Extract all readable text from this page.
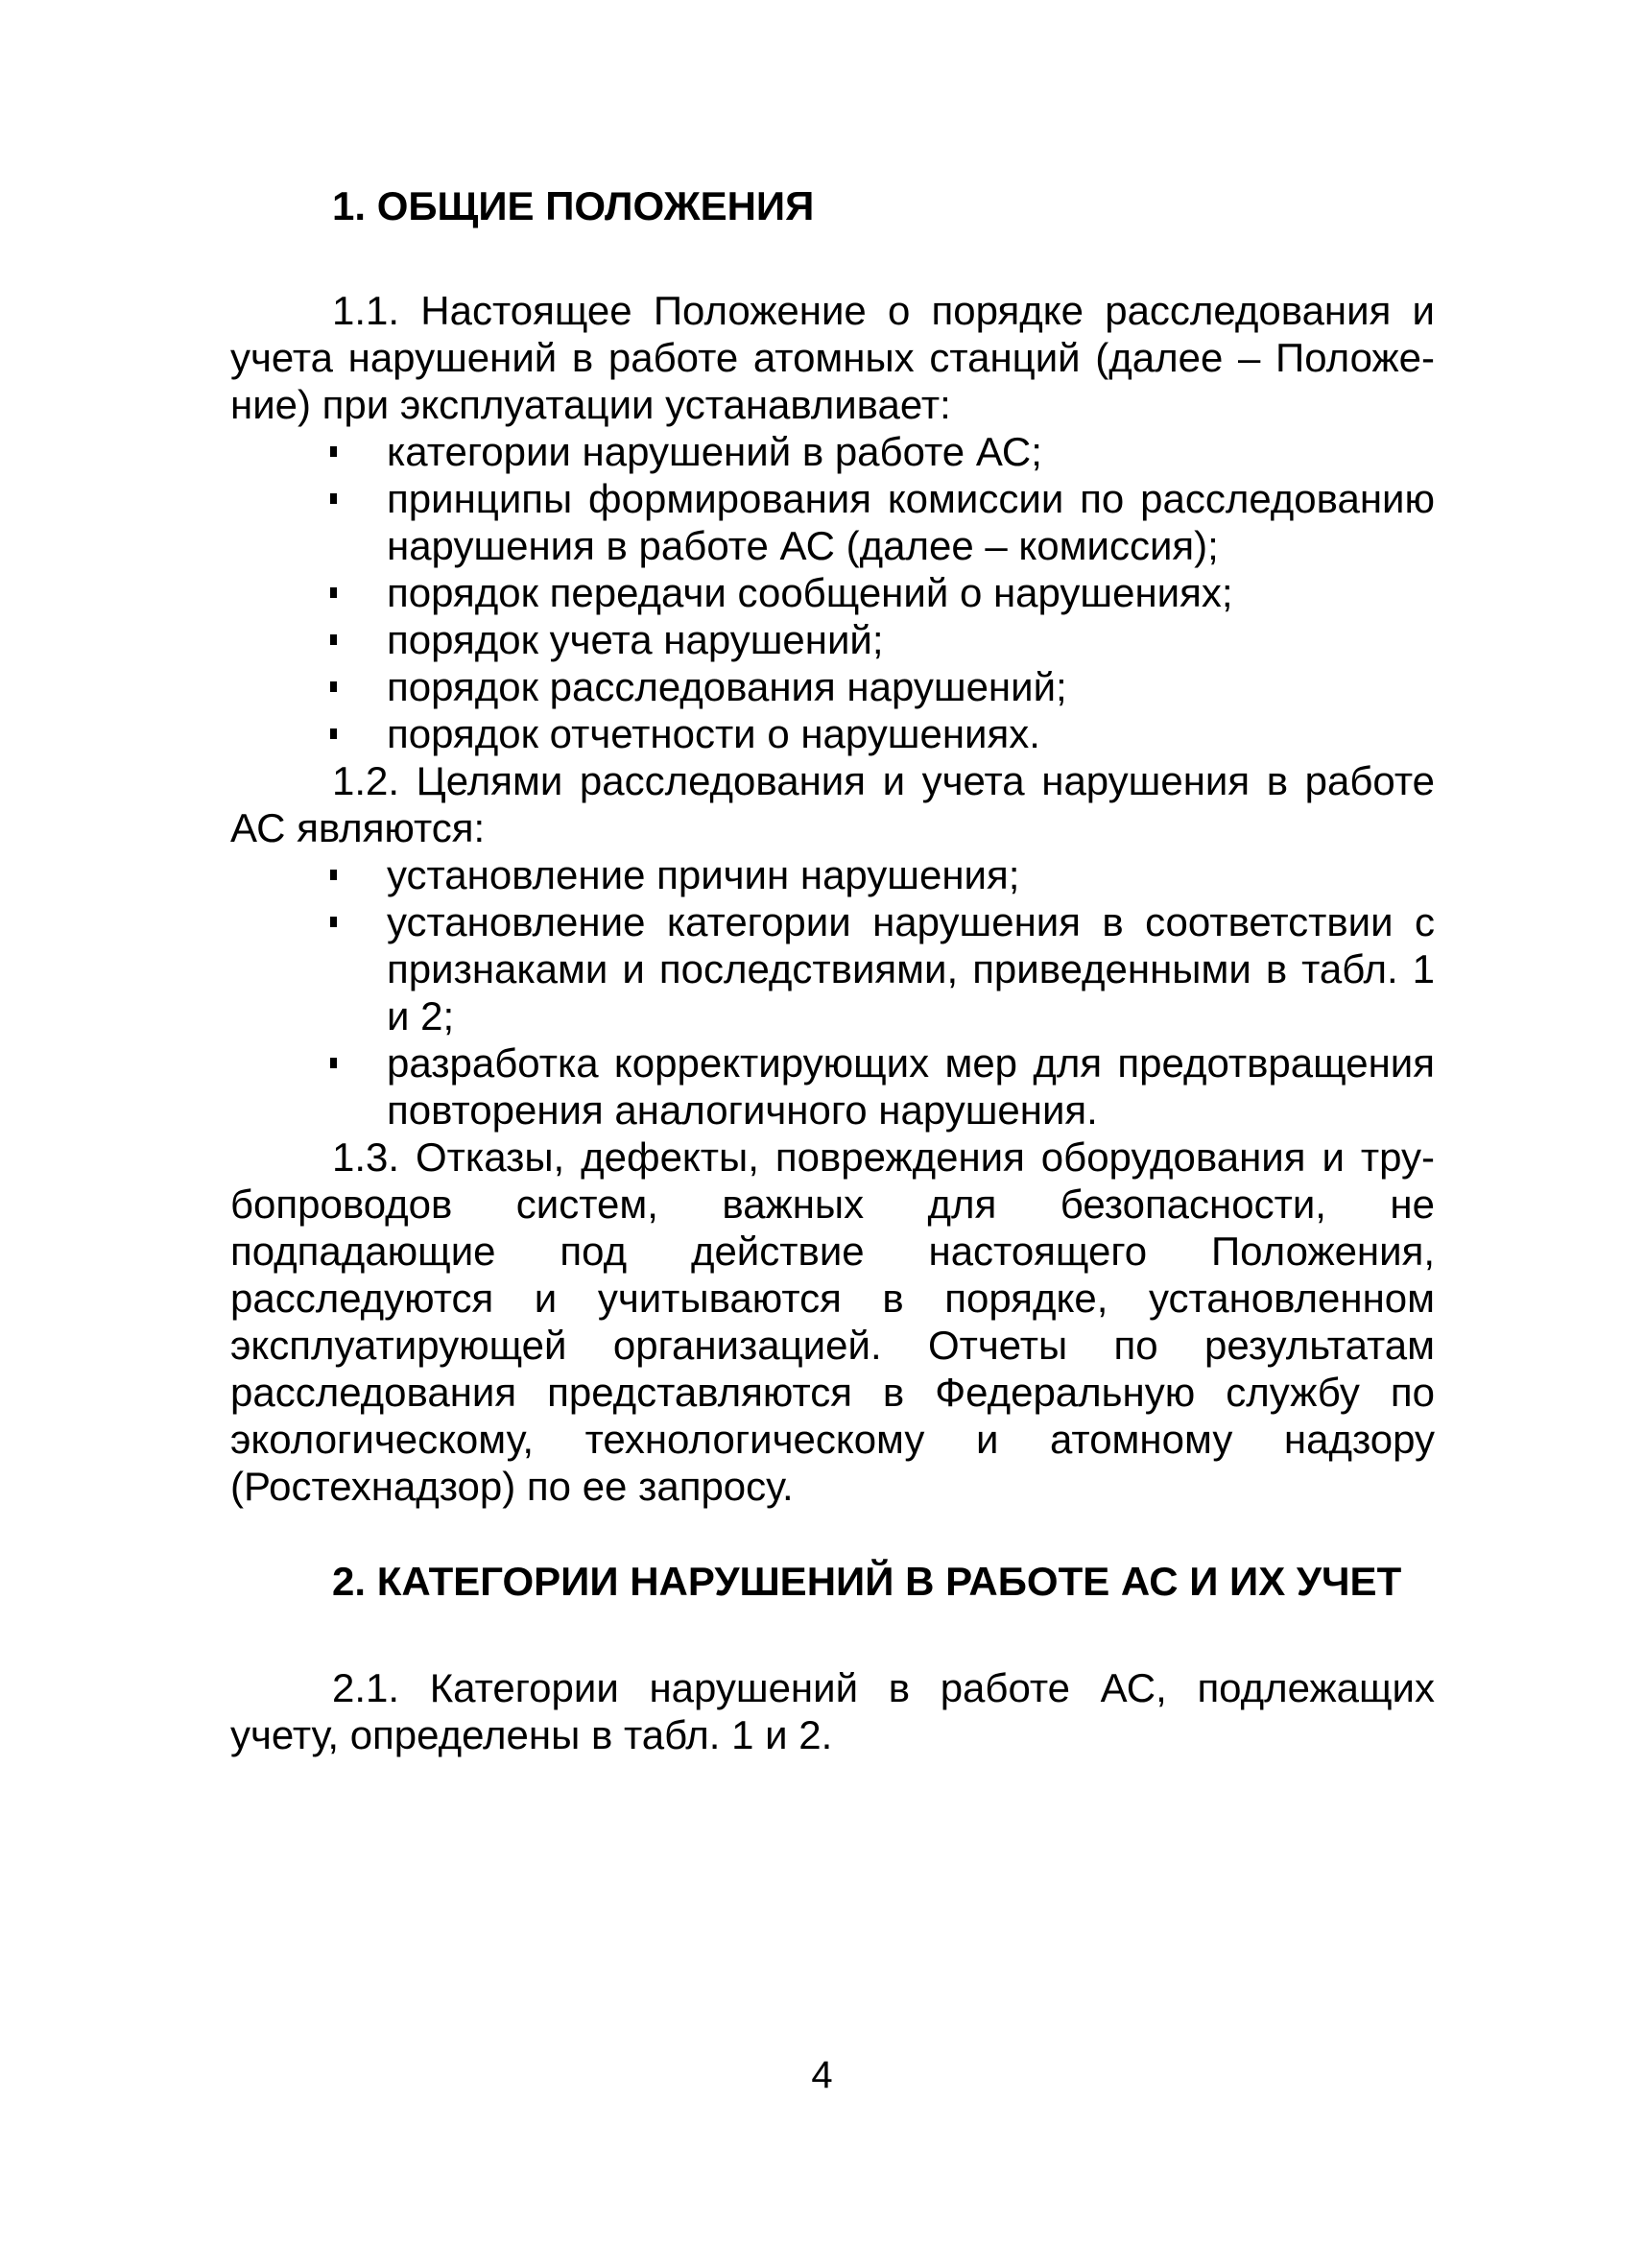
1. ОБЩИЕ ПОЛОЖЕНИЯ

1.1. Настоящее Положение о порядке расследования и учета нарушений в работе атомных станций (далее – Положение) при эксплуатации устанавливает:

категории нарушений в работе АС;
принципы формирования комиссии по расследованию нарушения в работе АС (далее – комиссия);
порядок передачи сообщений о нарушениях;
порядок учета нарушений;
порядок расследования нарушений;
порядок отчетности о нарушениях.

1.2. Целями расследования и учета нарушения в работе АС являются:

установление причин нарушения;
установление категории нарушения в соответствии с признаками и последствиями, приведенными в табл. 1 и 2;
разработка корректирующих мер для предотвращения повторения аналогичного нарушения.

1.3. Отказы, дефекты, повреждения оборудования и трубопроводов систем, важных для безопасности, не подпадающие под действие настоящего Положения, расследуются и учитываются в порядке, установленном эксплуатирующей организацией. Отчеты по результатам расследования представляются в Федеральную службу по экологическому, технологическому и атомному надзору (Ростехнадзор) по ее запросу.

2. КАТЕГОРИИ НАРУШЕНИЙ В РАБОТЕ АС И ИХ УЧЕТ

2.1. Категории нарушений в работе АС, подлежащих учету, определены в табл. 1 и 2.

4
